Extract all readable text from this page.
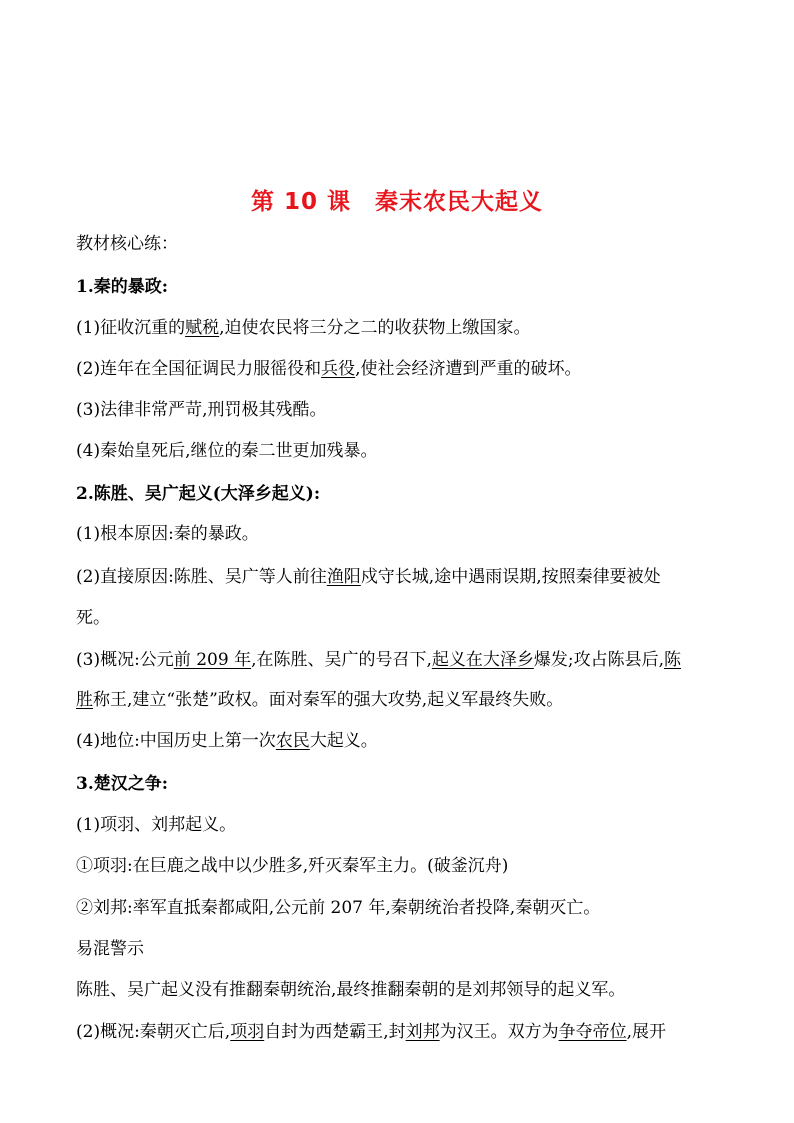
第 10 课　秦末农民大起义
教材核心练：
1.秦的暴政:
(1)征收沉重的赋税,迫使农民将三分之二的收获物上缴国家。
(2)连年在全国征调民力服徭役和兵役,使社会经济遭到严重的破坏。
(3)法律非常严苛,刑罚极其残酷。
(4)秦始皇死后,继位的秦二世更加残暴。
2.陈胜、吴广起义(大泽乡起义):
(1)根本原因:秦的暴政。
(2)直接原因:陈胜、吴广等人前往渔阳戍守长城,途中遇雨误期,按照秦律要被处
死。
(3)概况:公元前 209 年,在陈胜、吴广的号召下,起义在大泽乡爆发;攻占陈县后,陈
胜称王,建立“张楚”政权。面对秦军的强大攻势,起义军最终失败。
(4)地位:中国历史上第一次农民大起义。
3.楚汉之争:
(1)项羽、刘邦起义。
①项羽:在巨鹿之战中以少胜多,歼灭秦军主力。(破釜沉舟)
②刘邦:率军直抵秦都咸阳,公元前 207 年,秦朝统治者投降,秦朝灭亡。
易混警示
陈胜、吴广起义没有推翻秦朝统治,最终推翻秦朝的是刘邦领导的起义军。
(2)概况:秦朝灭亡后,项羽自封为西楚霸王,封刘邦为汉王。双方为争夺帝位,展开
